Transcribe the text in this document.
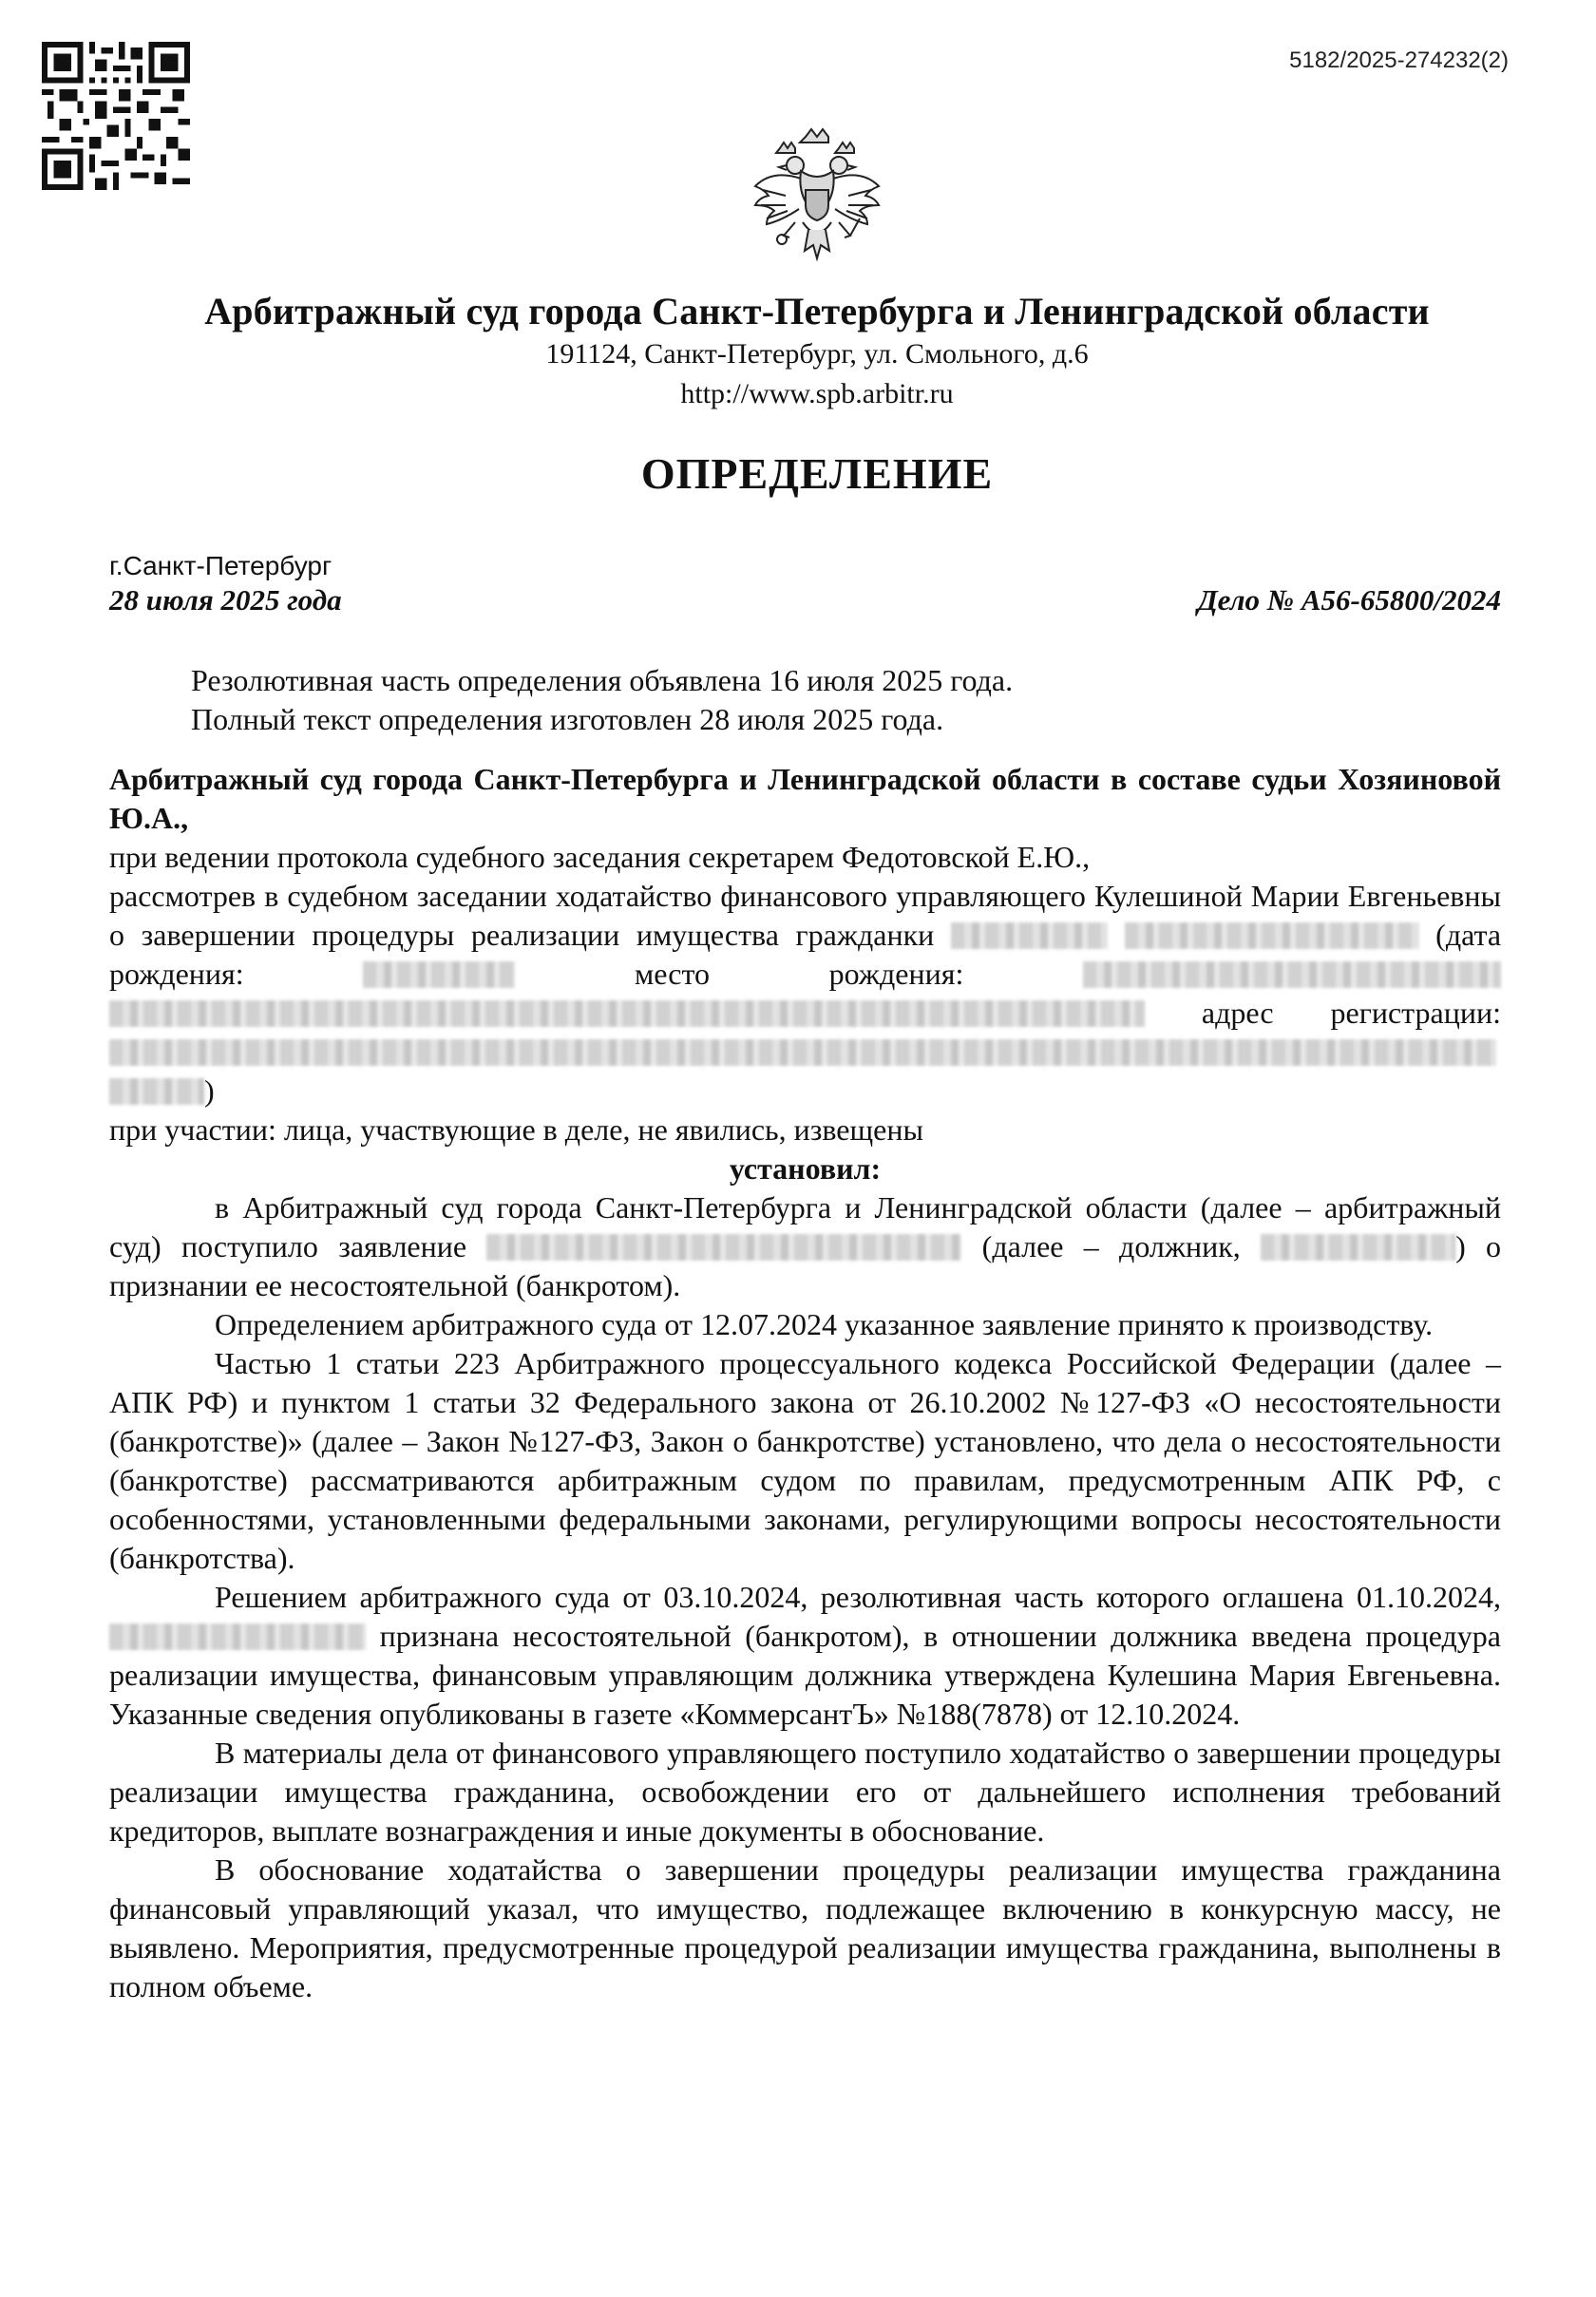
5182/2025-274232(2)
Арбитражный суд города Санкт-Петербурга и Ленинградской области
191124, Санкт-Петербург, ул. Смольного, д.6
http://www.spb.arbitr.ru
ОПРЕДЕЛЕНИЕ
г.Санкт-Петербург
28 июля 2025 года	Дело № А56-65800/2024

Резолютивная часть определения объявлена 16 июля 2025 года.

Полный текст определения изготовлен 28 июля 2025 года.

Арбитражный суд города Санкт-Петербурга и Ленинградской области в составе судьи Хозяиновой Ю.А.,

при ведении протокола судебного заседания секретарем Федотовской Е.Ю.,

рассмотрев в судебном заседании ходатайство финансового управляющего Кулешиной Марии Евгеньевны о завершении процедуры реализации имущества гражданки	(дата рождения:	место рождения:   адрес регистрации:  )

при участии: лица, участвующие в деле, не явились, извещены

установил:

в Арбитражный суд города Санкт-Петербурга и Ленинградской области (далее – арбитражный суд) поступило заявление	(далее – должник,	) о признании ее несостоятельной (банкротом).

Определением арбитражного суда от 12.07.2024 указанное заявление принято к производству.

Частью 1 статьи 223 Арбитражного процессуального кодекса Российской Федерации (далее – АПК РФ) и пунктом 1 статьи 32 Федерального закона от 26.10.2002 №127-ФЗ «О несостоятельности (банкротстве)» (далее – Закон №127-ФЗ, Закон о банкротстве) установлено, что дела о несостоятельности (банкротстве) рассматриваются арбитражным судом по правилам, предусмотренным АПК РФ, с особенностями, установленными федеральными законами, регулирующими вопросы несостоятельности (банкротства).

Решением арбитражного суда от 03.10.2024, резолютивная часть которого оглашена 01.10.2024,  признана несостоятельной (банкротом), в отношении должника введена процедура реализации имущества, финансовым управляющим должника утверждена Кулешина Мария Евгеньевна. Указанные сведения опубликованы в газете «КоммерсантЪ» №188(7878) от 12.10.2024.

В материалы дела от финансового управляющего поступило ходатайство о завершении процедуры реализации имущества гражданина, освобождении его от дальнейшего исполнения требований кредиторов, выплате вознаграждения и иные документы в обоснование.

В обоснование ходатайства о завершении процедуры реализации имущества гражданина финансовый управляющий указал, что имущество, подлежащее включению в конкурсную массу, не выявлено. Мероприятия, предусмотренные процедурой реализации имущества гражданина, выполнены в полном объеме.
